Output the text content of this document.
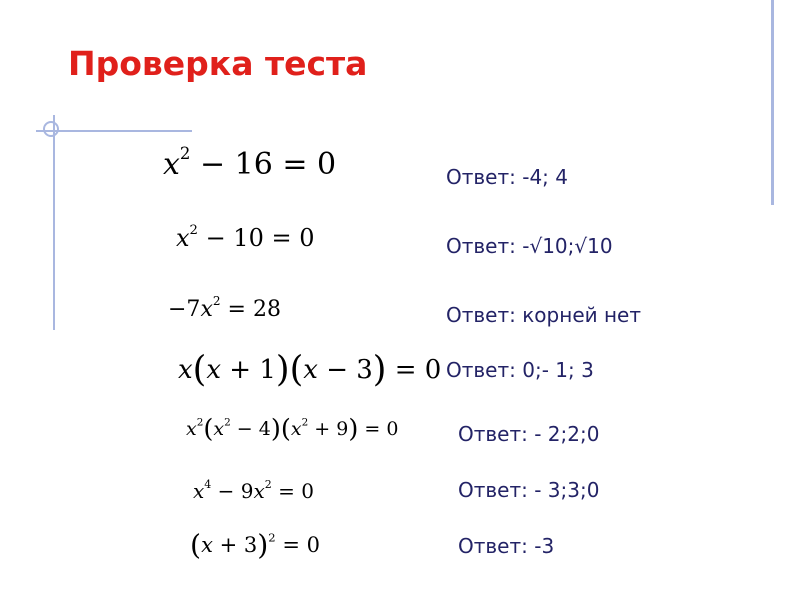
Проверка теста
$x^2 - 16 = 0$	Ответ: -4; 4
$x^2 - 10 = 0$	Ответ: -√10;√10
$-7x^2 = 28$	Ответ: корней нет
x(x + 1)(x − 3) = 0 Ответ: 0;- 1; 3
$x^2(x^2 - 4)(x^2 + 9) = 0$	Ответ: - 2;2;0
$x^4 - 9x^2 = 0$	Ответ: - 3;3;0
$(x + 3)^2 = 0$	Ответ: -3
